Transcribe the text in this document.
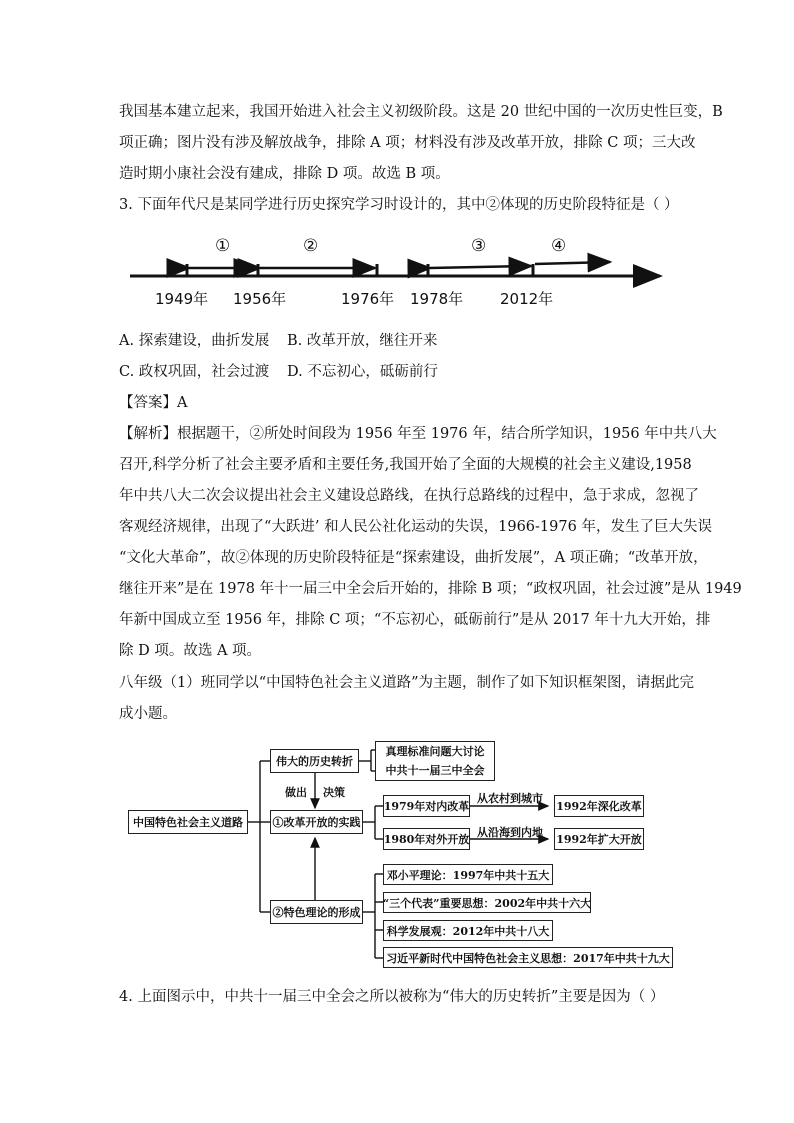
我国基本建立起来，我国开始进入社会主义初级阶段。这是 20 世纪中国的一次历史性巨变，B
项正确；图片没有涉及解放战争，排除 A 项；材料没有涉及改革开放，排除 C 项；三大改
造时期小康社会没有建成，排除 D 项。故选 B 项。
3. 下面年代尺是某同学进行历史探究学习时设计的，其中②体现的历史阶段特征是（ ）
①	②	③	④
1949年 1956年	1976年 1978年 2012年
A. 探索建设，曲折发展 B. 改革开放，继往开来
C. 政权巩固，社会过渡 D. 不忘初心，砥砺前行
【答案】A
【解析】根据题干，②所处时间段为 1956 年至 1976 年，结合所学知识，1956 年中共八大
召开,科学分析了社会主要矛盾和主要任务,我国开始了全面的大规模的社会主义建设,1958
年中共八大二次会议提出社会主义建设总路线，在执行总路线的过程中，急于求成，忽视了
客观经济规律，出现了“大跃进’ 和人民公社化运动的失误，1966-1976 年，发生了巨大失误
“文化大革命”，故②体现的历史阶段特征是“探索建设，曲折发展”，A 项正确；“改革开放，
继往开来”是在 1978 年十一届三中全会后开始的，排除 B 项；“政权巩固，社会过渡”是从 1949
年新中国成立至 1956 年，排除 C 项；“不忘初心，砥砺前行”是从 2017 年十九大开始，排
除 D 项。故选 A 项。
八年级（1）班同学以“中国特色社会主义道路”为主题，制作了如下知识框架图，请据此完
成小题。
中国特色社会主义道路
伟大的历史转折
真理标准问题大讨论
中共十一届三中全会
做出 决策
①改革开放的实践
1979年对内改革
从农村到城市
1992年深化改革
1980年对外开放
从沿海到内地
1992年扩大开放
②特色理论的形成
邓小平理论：1997年中共十五大
“三个代表”重要思想：2002年中共十六大
科学发展观：2012年中共十八大
习近平新时代中国特色社会主义思想：2017年中共十九大
4. 上面图示中，中共十一届三中全会之所以被称为“伟大的历史转折”主要是因为（ ）
